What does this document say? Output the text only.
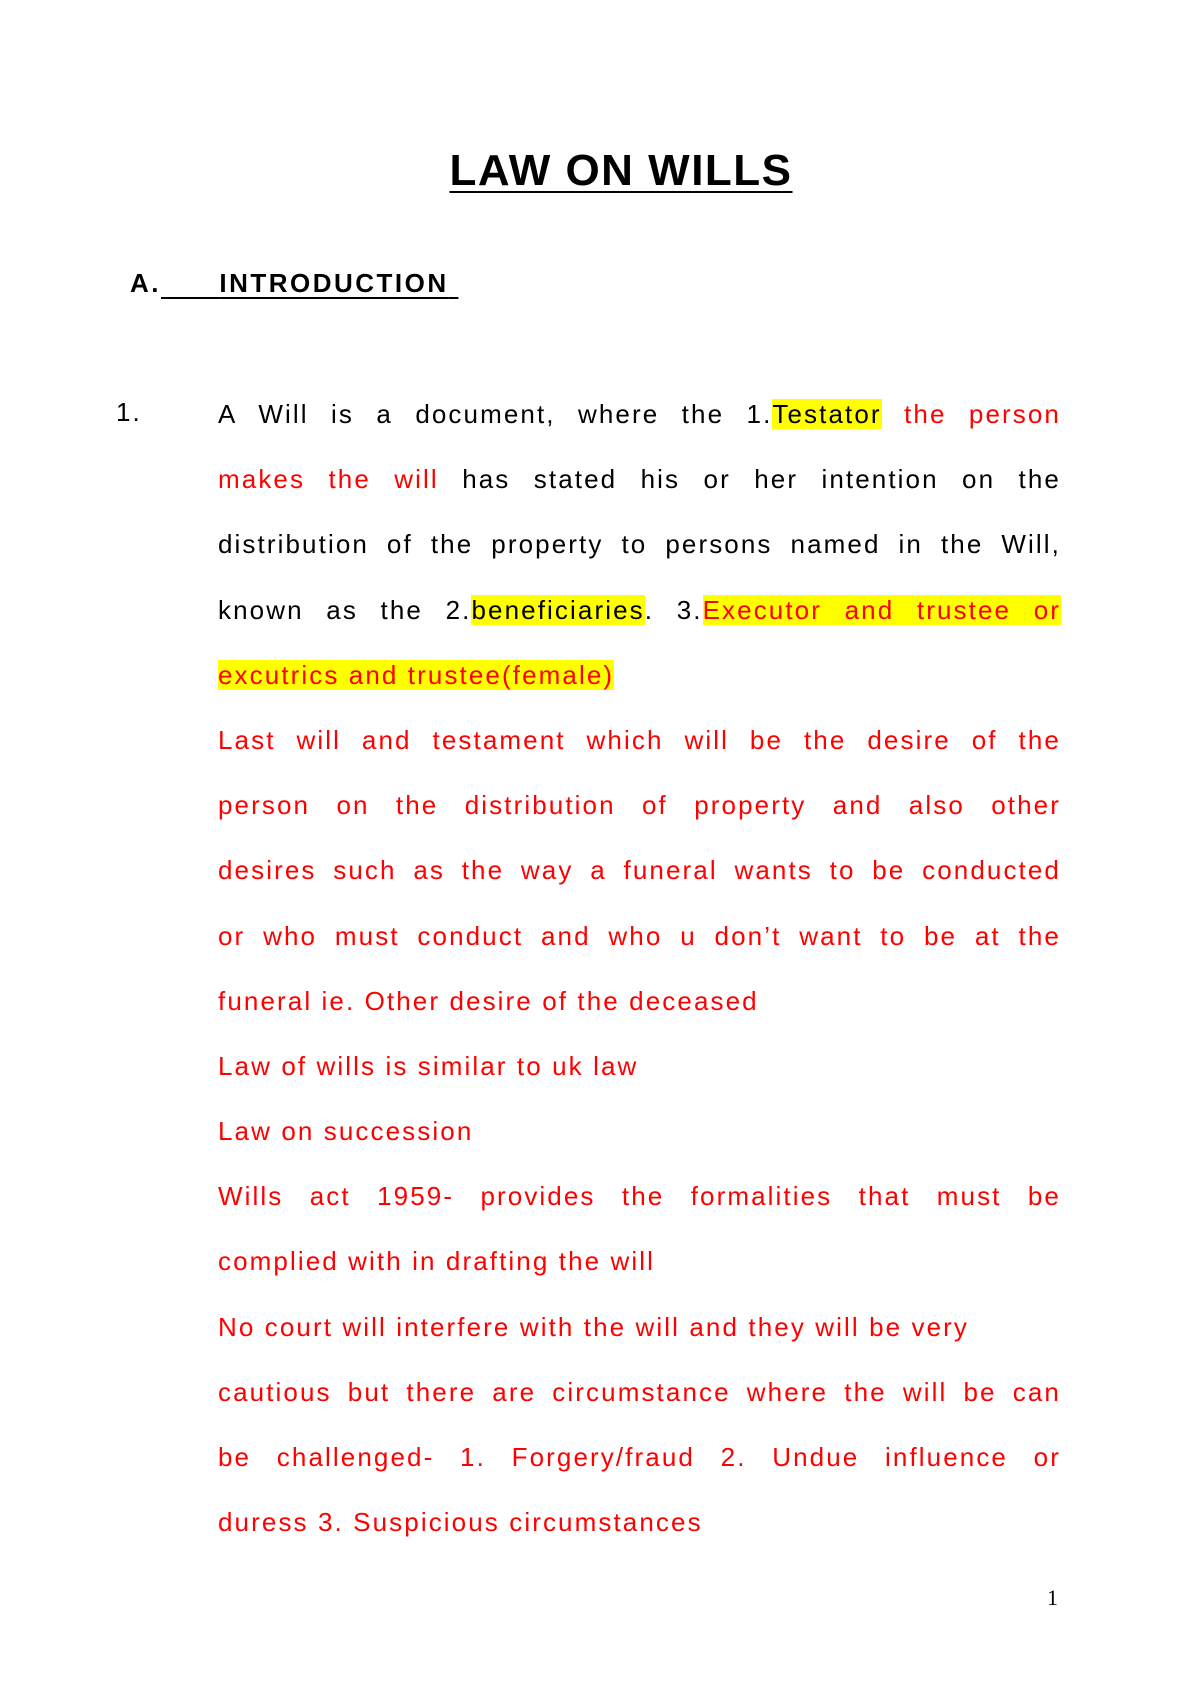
LAW ON WILLS
A. INTRODUCTION
1.	A Will is a document, where the 1.Testator the person
makes the will has stated his or her intention on the
distribution of the property to persons named in the Will,
known as the 2.beneficiaries. 3.Executor and trustee or
excutrics and trustee(female)
Last will and testament which will be the desire of the
person on the distribution of property and also other
desires such as the way a funeral wants to be conducted
or who must conduct and who u don’t want to be at the
funeral ie. Other desire of the deceased
Law of wills is similar to uk law
Law on succession
Wills act 1959- provides the formalities that must be
complied with in drafting the will
No court will interfere with the will and they will be very
cautious but there are circumstance where the will be can
be challenged- 1. Forgery/fraud 2. Undue influence or
duress 3. Suspicious circumstances
1
